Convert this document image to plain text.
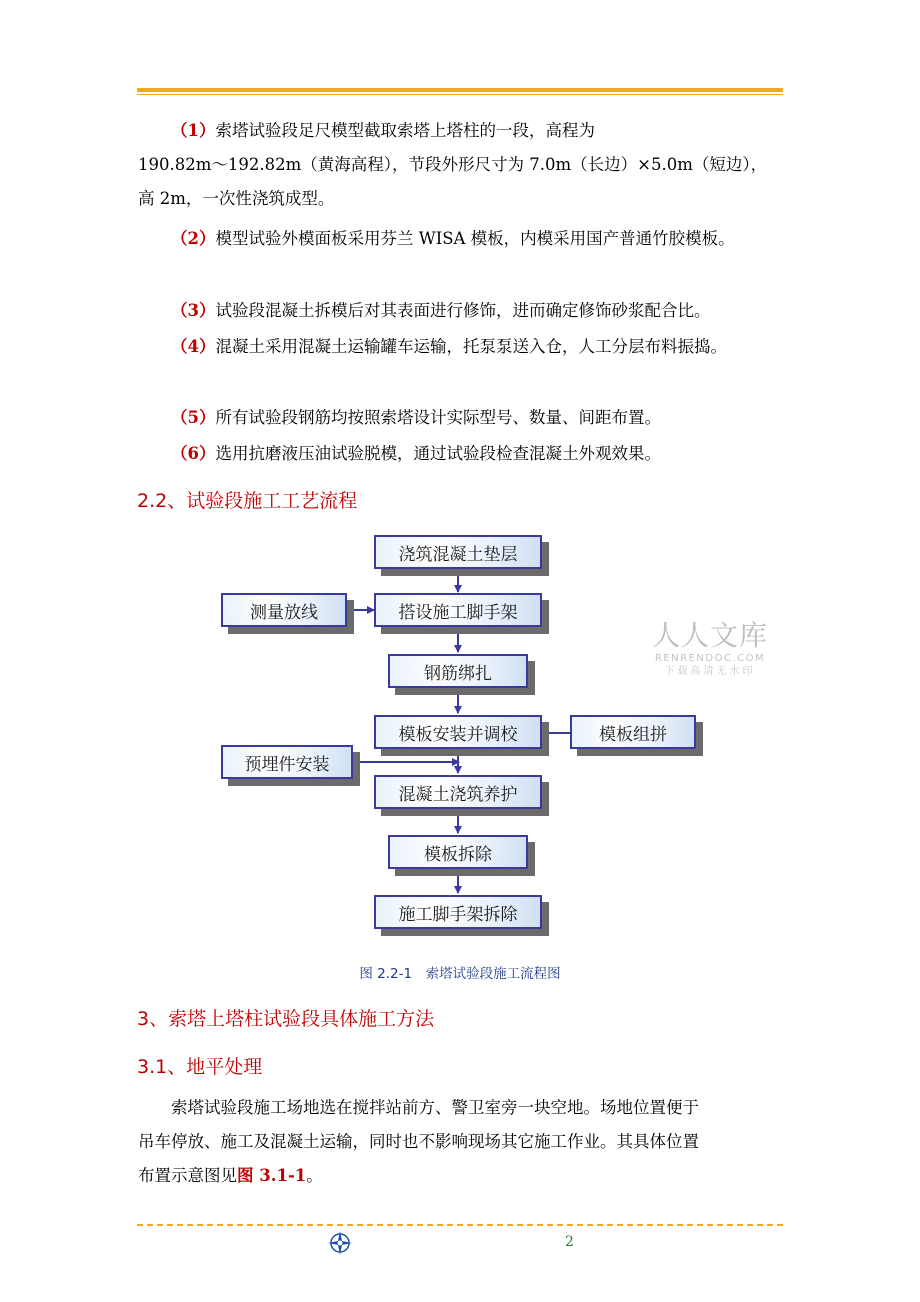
（1）索塔试验段足尺模型截取索塔上塔柱的一段，高程为
190.82m～192.82m（黄海高程），节段外形尺寸为 7.0m（长边）×5.0m（短边），
高 2m，一次性浇筑成型。
（2）模型试验外模面板采用芬兰 WISA 模板，内模采用国产普通竹胶模板。
（3）试验段混凝土拆模后对其表面进行修饰，进而确定修饰砂浆配合比。
（4）混凝土采用混凝土运输罐车运输，托泵泵送入仓，人工分层布料振捣。
（5）所有试验段钢筋均按照索塔设计实际型号、数量、间距布置。
（6）选用抗磨液压油试验脱模，通过试验段检查混凝土外观效果。
2.2、试验段施工工艺流程
浇筑混凝土垫层
测量放线	搭设施工脚手架
钢筋绑扎
模板安装并调校	模板组拼
预埋件安装
混凝土浇筑养护
模板拆除
施工脚手架拆除
图 2.2-1　索塔试验段施工流程图
人人文库
RENRENDOC.COM
下载高清无水印
3、索塔上塔柱试验段具体施工方法
3.1、地平处理
索塔试验段施工场地选在搅拌站前方、警卫室旁一块空地。场地位置便于
吊车停放、施工及混凝土运输，同时也不影响现场其它施工作业。其具体位置
布置示意图见图 3.1-1。
2
